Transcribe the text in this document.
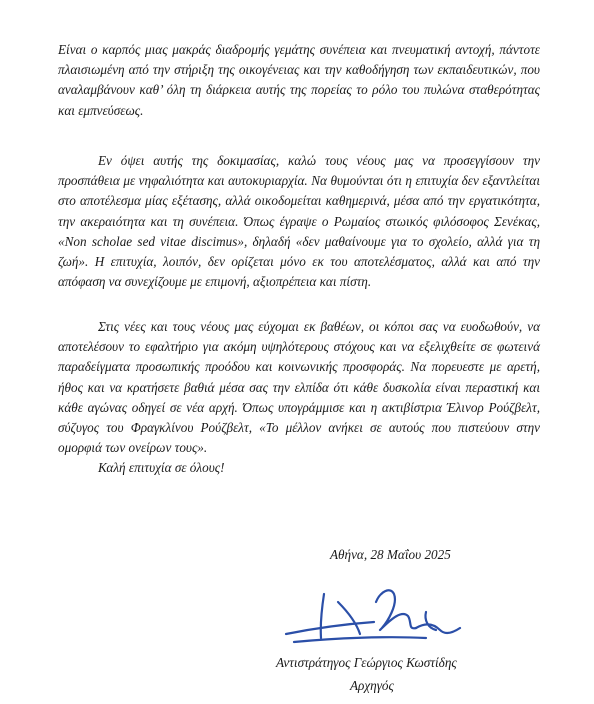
Είναι ο καρπός μιας μακράς διαδρομής γεμάτης συνέπεια και πνευματική αντοχή, πάντοτε πλαισιωμένη από την στήριξη της οικογένειας και την καθοδήγηση των εκπαιδευτικών, που αναλαμβάνουν καθ’ όλη τη διάρκεια αυτής της πορείας το ρόλο του πυλώνα σταθερότητας και εμπνεύσεως.

Εν όψει αυτής της δοκιμασίας, καλώ τους νέους μας να προσεγγίσουν την προσπάθεια με νηφαλιότητα και αυτοκυριαρχία. Να θυμούνται ότι η επιτυχία δεν εξαντλείται στο αποτέλεσμα μίας εξέτασης, αλλά οικοδομείται καθημερινά, μέσα από την εργατικότητα, την ακεραιότητα και τη συνέπεια. Όπως έγραψε ο Ρωμαίος στωικός φιλόσοφος Σενέκας, «Non scholae sed vitae discimus», δηλαδή «δεν μαθαίνουμε για το σχολείο, αλλά για τη ζωή». Η επιτυχία, λοιπόν, δεν ορίζεται μόνο εκ του αποτελέσματος, αλλά και από την απόφαση να συνεχίζουμε με επιμονή, αξιοπρέπεια και πίστη.

Στις νέες και τους νέους μας εύχομαι εκ βαθέων, οι κόποι σας να ευοδωθούν, να αποτελέσουν το εφαλτήριο για ακόμη υψηλότερους στόχους και να εξελιχθείτε σε φωτεινά παραδείγματα προσωπικής προόδου και κοινωνικής προσφοράς. Να πορευεστε με αρετή, ήθος και να κρατήσετε βαθιά μέσα σας την ελπίδα ότι κάθε δυσκολία είναι περαστική και κάθε αγώνας οδηγεί σε νέα αρχή. Όπως υπογράμμισε και η ακτιβίστρια Έλινορ Ρούζβελτ, σύζυγος του Φραγκλίνου Ρούζβελτ, «Το μέλλον ανήκει σε αυτούς που πιστεύουν στην ομορφιά των ονείρων τους».

Καλή επιτυχία σε όλους!

Αθήνα, 28 Μαΐου 2025
Αντιστράτηγος Γεώργιος Κωστίδης
Αρχηγός
